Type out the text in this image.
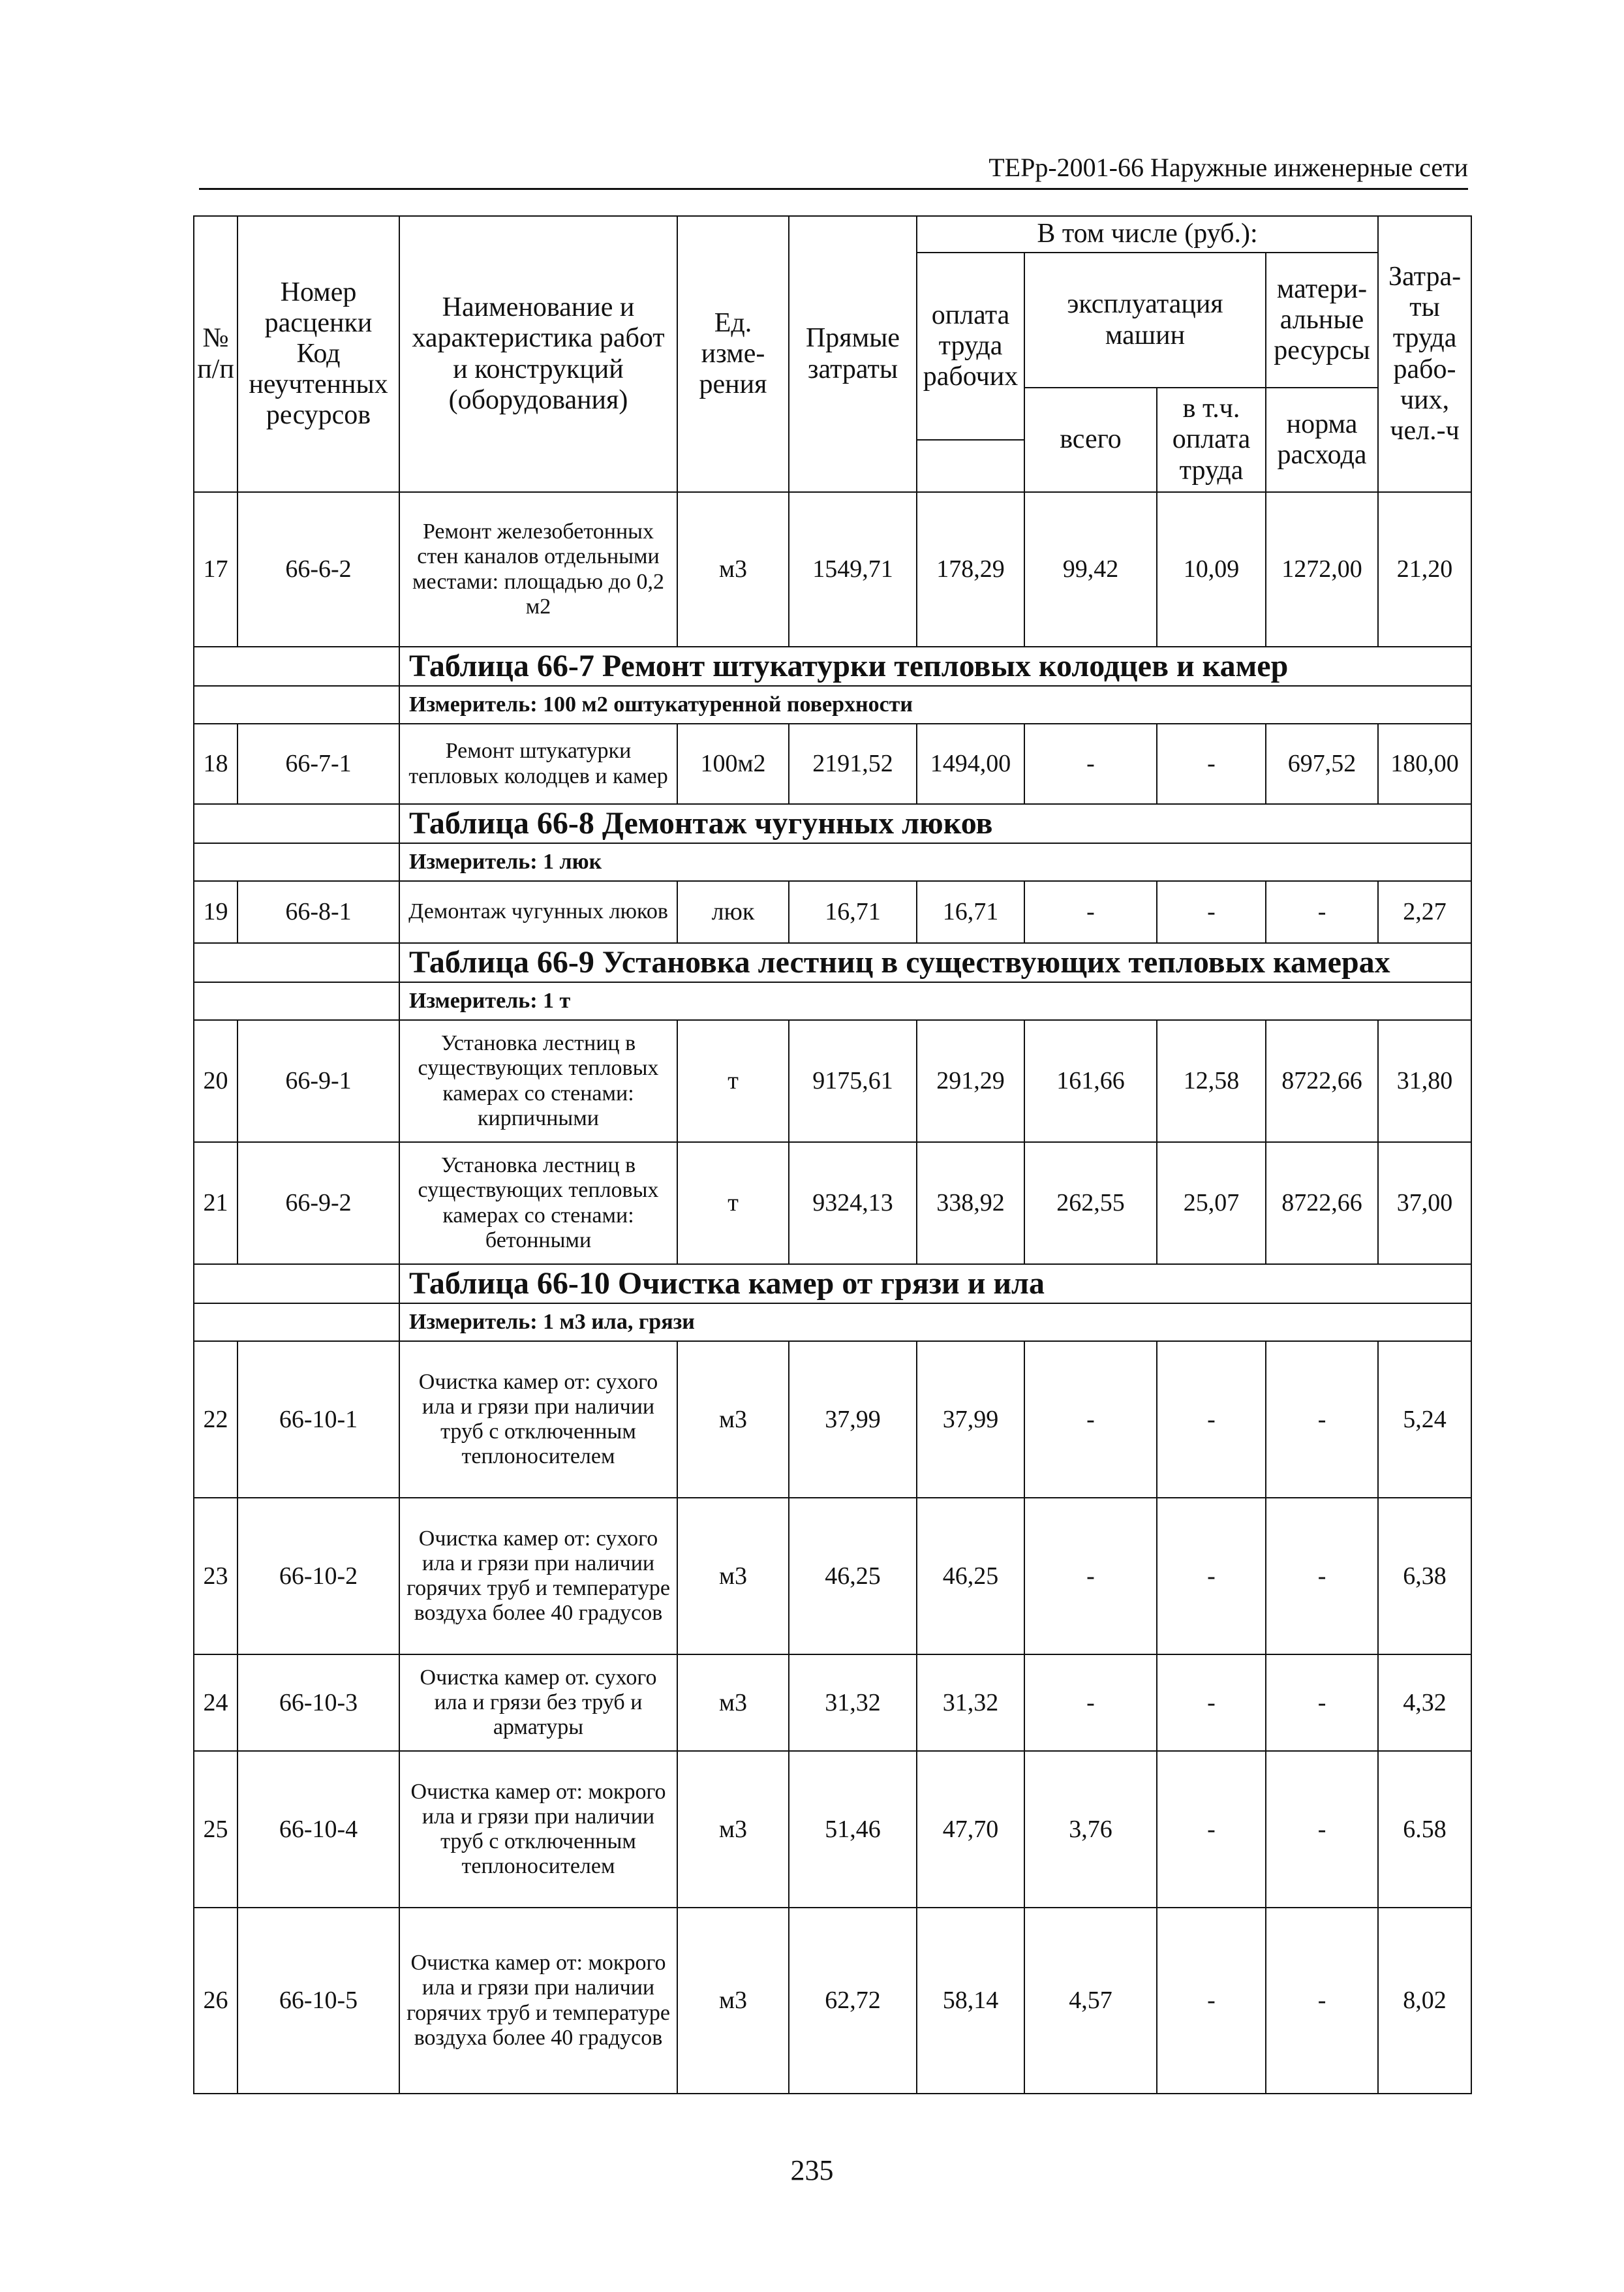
ТЕРр-2001-66 Наружные инженерные сети
№ п/п	Номер расценки Код неучтенных ресурсов	Наименование и характеристика работ и конструкций (оборудования)	Ед. изме-рения	Прямые затраты	В том числе (руб.):				Затра-ты труда рабо-чих, чел.-ч
					оплата труда рабочих	эксплуатация машин		матери-альные ресурсы	
						всего	в т.ч. оплата труда	норма расхода	

17	66-6-2	Ремонт железобетонных стен каналов отдельными местами: площадью до 0,2 м2	м3	1549,71	178,29	99,42	10,09	1272,00	21,20
		Таблица 66-7 Ремонт штукатурки тепловых колодцев и камер							
		Измеритель: 100 м2 оштукатуренной поверхности							
18	66-7-1	Ремонт штукатурки тепловых колодцев и камер	100м2	2191,52	1494,00	-	-	697,52	180,00
		Таблица 66-8 Демонтаж чугунных люков							
		Измеритель: 1 люк							
19	66-8-1	Демонтаж чугунных люков	люк	16,71	16,71	-	-	-	2,27
		Таблица 66-9 Установка лестниц в существующих тепловых камерах							
		Измеритель: 1 т							
20	66-9-1	Установка лестниц в существующих тепловых камерах со стенами: кирпичными	т	9175,61	291,29	161,66	12,58	8722,66	31,80
21	66-9-2	Установка лестниц в существующих тепловых камерах со стенами: бетонными	т	9324,13	338,92	262,55	25,07	8722,66	37,00
		Таблица 66-10 Очистка камер от грязи и ила							
		Измеритель: 1 м3 ила, грязи							
22	66-10-1	Очистка камер от: сухого ила и грязи при наличии труб с отключенным теплоносителем	м3	37,99	37,99	-	-	-	5,24
23	66-10-2	Очистка камер от: сухого ила и грязи при наличии горячих труб и температуре воздуха более 40 градусов	м3	46,25	46,25	-	-	-	6,38
24	66-10-3	Очистка камер от. сухого ила и грязи без труб и арматуры	м3	31,32	31,32	-	-	-	4,32
25	66-10-4	Очистка камер от: мокрого ила и грязи при наличии труб с отключенным теплоносителем	м3	51,46	47,70	3,76	-	-	6.58
26	66-10-5	Очистка камер от: мокрого ила и грязи при наличии горячих труб и температуре воздуха более 40 градусов	м3	62,72	58,14	4,57	-	-	8,02
235
